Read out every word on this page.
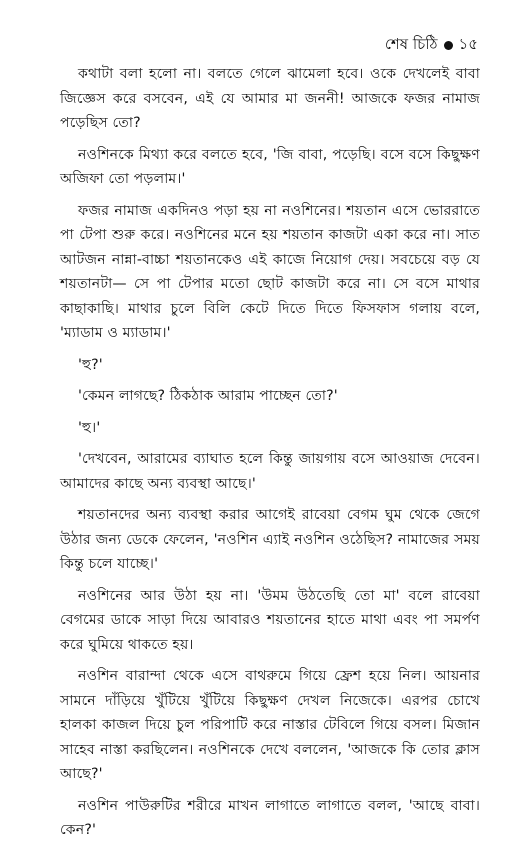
শেষ চিঠি ১৫

কথাটা বলা হলো না। বলতে গেলে ঝামেলা হবে। ওকে দেখলেই বাবা জিজ্ঞেস করে বসবেন, এই যে আমার মা জননী! আজকে ফজর নামাজ পড়েছিস তো?

নওশিনকে মিথ্যা করে বলতে হবে, 'জি বাবা, পড়েছি। বসে বসে কিছুক্ষণ অজিফা তো পড়লাম।'

ফজর নামাজ একদিনও পড়া হয় না নওশিনের। শয়তান এসে ভোররাতে পা টেপা শুরু করে। নওশিনের মনে হয় শয়তান কাজটা একা করে না। সাত আটজন নান্না-বাচ্চা শয়তানকেও এই কাজে নিয়োগ দেয়। সবচেয়ে বড় যে শয়তানটা— সে পা টেপার মতো ছোট কাজটা করে না। সে বসে মাথার কাছাকাছি। মাথার চুলে বিলি কেটে দিতে দিতে ফিসফাস গলায় বলে, 'ম্যাডাম ও ম্যাডাম।'

'হু?'

'কেমন লাগছে? ঠিকঠাক আরাম পাচ্ছেন তো?'

'হু।'

'দেখবেন, আরামের ব্যাঘাত হলে কিন্তু জায়গায় বসে আওয়াজ দেবেন। আমাদের কাছে অন্য ব্যবস্থা আছে।'

শয়তানদের অন্য ব্যবস্থা করার আগেই রাবেয়া বেগম ঘুম থেকে জেগে উঠার জন্য ডেকে ফেলেন, 'নওশিন এ্যাই নওশিন ওঠেছিস? নামাজের সময় কিন্তু চলে যাচ্ছে।'

নওশিনের আর উঠা হয় না। 'উমম উঠতেছি তো মা' বলে রাবেয়া বেগমের ডাকে সাড়া দিয়ে আবারও শয়তানের হাতে মাথা এবং পা সমর্পণ করে ঘুমিয়ে থাকতে হয়।

নওশিন বারান্দা থেকে এসে বাথরুমে গিয়ে ফ্রেশ হয়ে নিল। আয়নার সামনে দাঁড়িয়ে খুঁটিয়ে খুঁটিয়ে কিছুক্ষণ দেখল নিজেকে। এরপর চোখে হালকা কাজল দিয়ে চুল পরিপাটি করে নাস্তার টেবিলে গিয়ে বসল। মিজান সাহেব নাস্তা করছিলেন। নওশিনকে দেখে বললেন, 'আজকে কি তোর ক্লাস আছে?'

নওশিন পাউরুটির শরীরে মাখন লাগাতে লাগাতে বলল, 'আছে বাবা। কেন?'
